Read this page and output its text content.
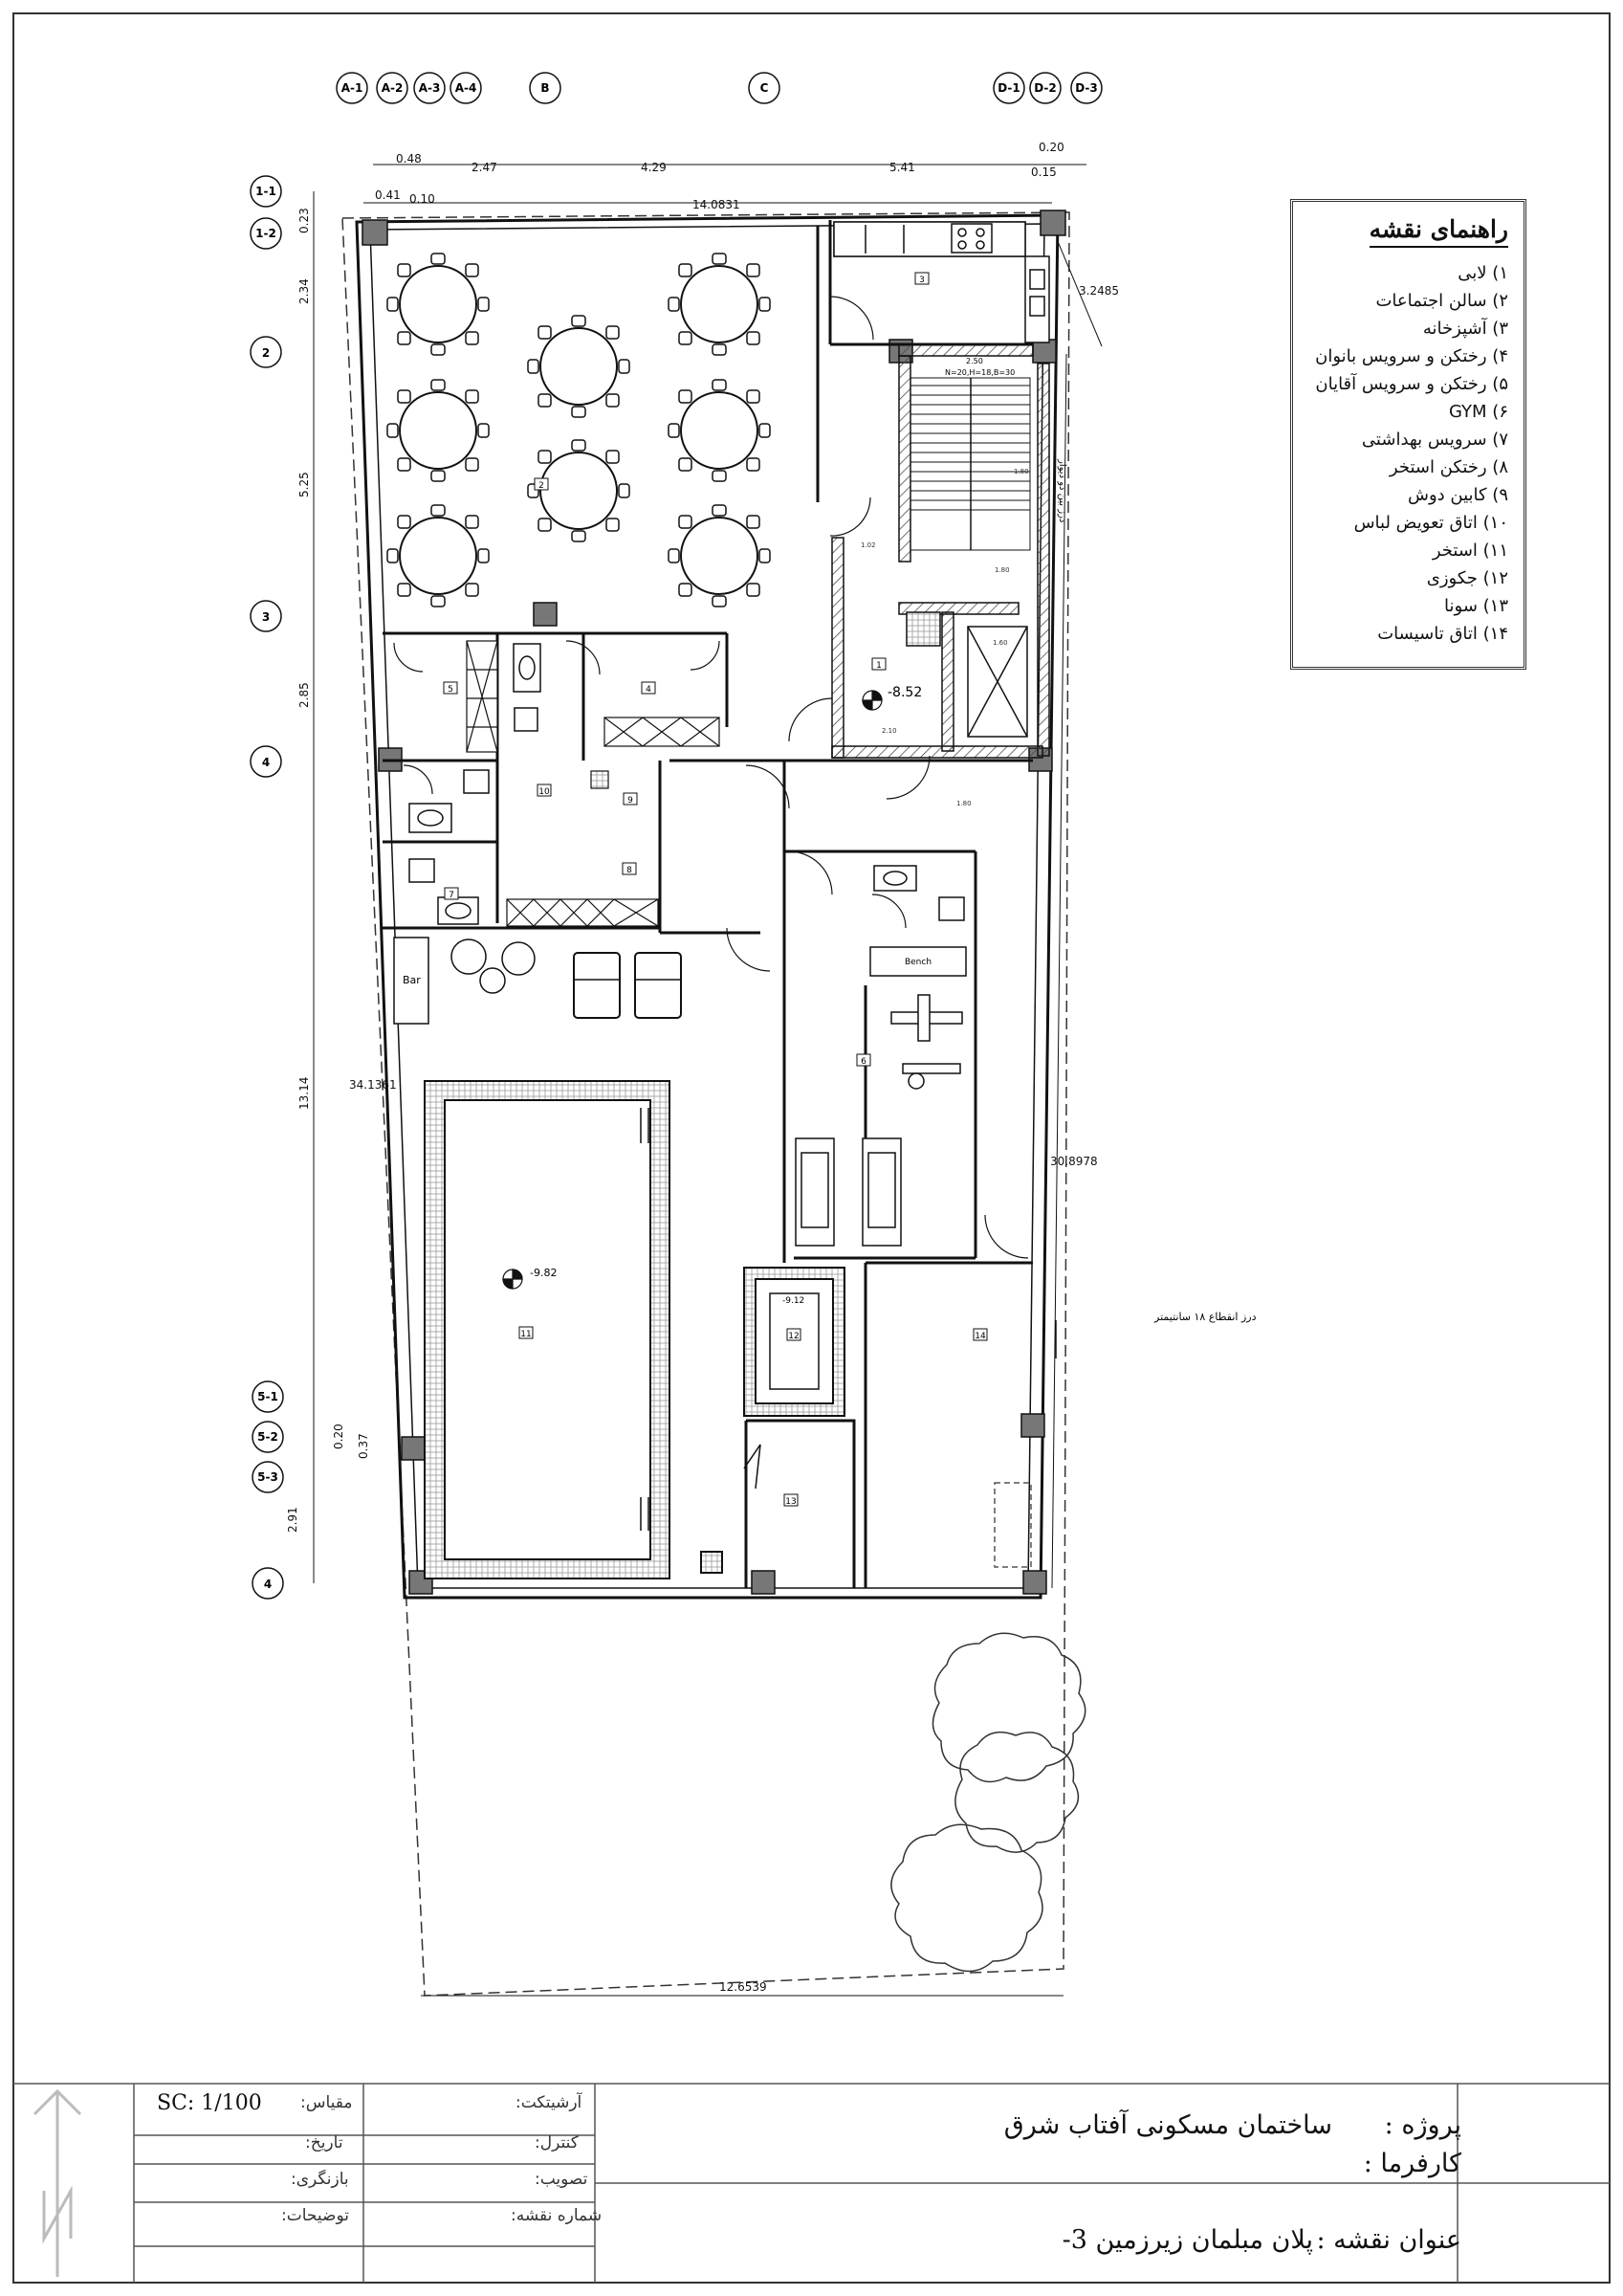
N=20,H=18,B=30
2.50
Bench
Bar
1
2
3
4
5
6
7
8
9
10
11	12
13
14
-8.52
-9.82
-9.12
1.80
1.80
1.60
2.10
1.80
1.02
درز انقطاع ۱۸ سانتیمتر
درز بین دو دیوار
A-1 A-2 A-3 A-4	B	C	D-1 D-2 D-3
1-1
1-2
2
3
4
5-1
5-2
5-3
4
0.48
2.47	4.29	5.41
0.41 0.10
0.20
0.15
14.0831
12.6539
3.2485
34.1361
30.8978
0.23
2.34
5.25
2.85
13.14
0.20 0.37
2.91
راهنمای نقشه
۱) لابی
۲) سالن اجتماعات
۳) آشپزخانه
۴) رختکن و سرویس بانوان
۵) رختکن و سرویس آقایان
۶) GYM
۷) سرویس بهداشتی
۸) رختکن استخر
۹) کابین دوش
۱۰) اتاق تعویض لباس
۱۱) استخر
۱۲) جکوزی
۱۳) سونا
۱۴) اتاق تاسیسات
پروژه :
ساختمان مسکونی آفتاب شرق
کارفرما :
عنوان نقشه :
پلان مبلمان زیرزمین 3-
SC: 1/100 مقیاس:
تاریخ:
بازنگری:
توضیحات:
آرشیتکت:
کنترل:
تصویب:
شماره نقشه:
N
